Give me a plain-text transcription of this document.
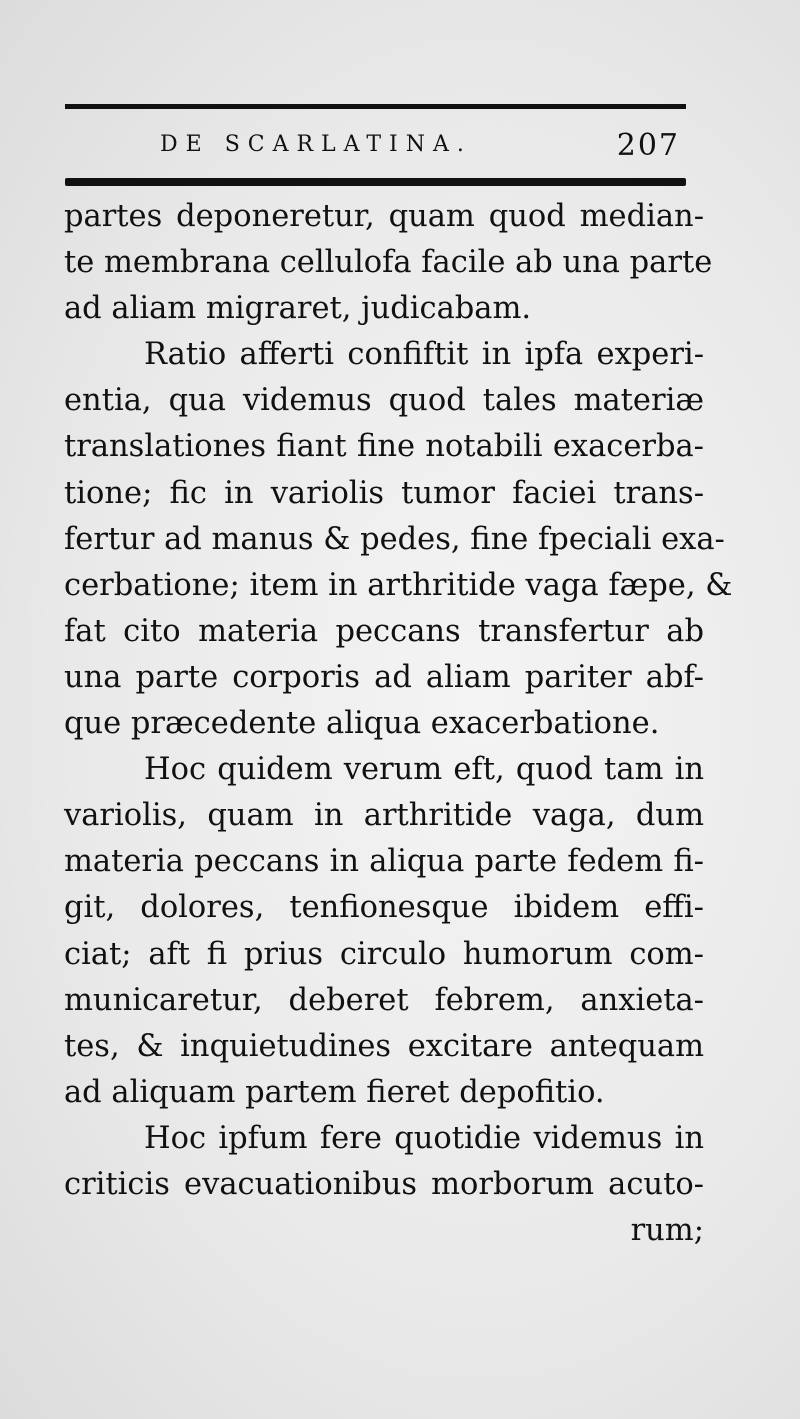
DE SCARLATINA.	207
partes deponeretur, quam quod median-
te membrana cellulofa facile ab una parte
ad aliam migraret, judicabam.
Ratio afferti confiftit in ipfa experi-
entia, qua videmus quod tales materiæ
translationes fiant fine notabili exacerba-
tione; fic in variolis tumor faciei trans-
fertur ad manus & pedes, fine fpeciali exa-
cerbatione; item in arthritide vaga fæpe, &
fat cito materia peccans transfertur ab
una parte corporis ad aliam pariter abf-
que præcedente aliqua exacerbatione.
Hoc quidem verum eft, quod tam in
variolis, quam in arthritide vaga, dum
materia peccans in aliqua parte fedem fi-
git, dolores, tenfionesque ibidem effi-
ciat; aft fi prius circulo humorum com-
municaretur, deberet febrem, anxieta-
tes, & inquietudines excitare antequam
ad aliquam partem fieret depofitio.
Hoc ipfum fere quotidie videmus in
criticis evacuationibus morborum acuto-
rum;
